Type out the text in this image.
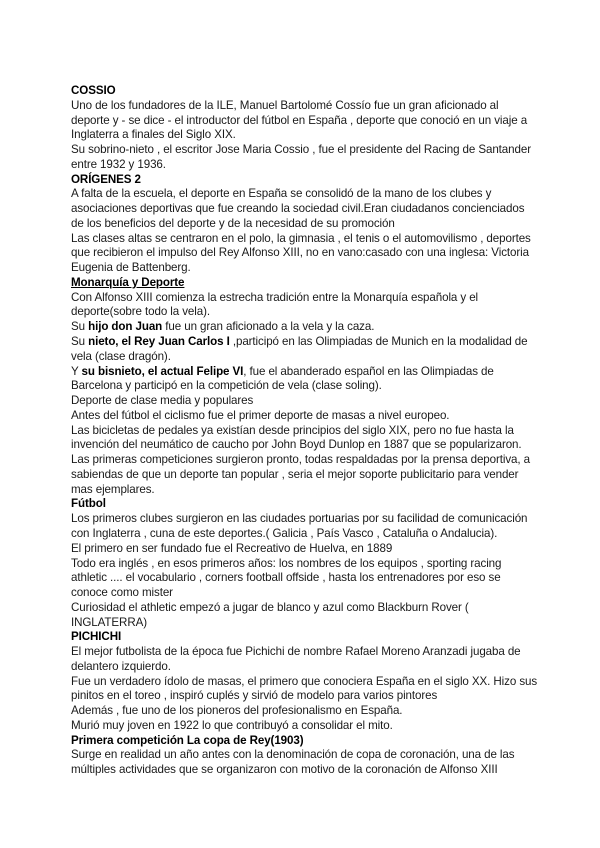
COSSIO
Uno de los fundadores de la ILE, Manuel Bartolomé Cossío fue un gran aficionado al
deporte y - se dice - el introductor del fútbol en España , deporte que conoció en un viaje a
Inglaterra a finales del Siglo XIX.
Su sobrino-nieto , el escritor Jose Maria Cossio , fue el presidente del Racing de Santander
entre 1932 y 1936.
ORÍGENES 2
A falta de la escuela, el deporte en España se consolidó de la mano de los clubes y
asociaciones deportivas que fue creando la sociedad civil.Eran ciudadanos concienciados
de los beneficios del deporte y de la necesidad de su promoción
Las clases altas se centraron en el polo, la gimnasia , el tenis o el automovilismo , deportes
que recibieron el impulso del Rey Alfonso XIII, no en vano:casado con una inglesa: Victoria
Eugenia de Battenberg.
Monarquía y Deporte
Con Alfonso XIII comienza la estrecha tradición entre la Monarquía española y el
deporte(sobre todo la vela).
Su hijo don Juan fue un gran aficionado a la vela y la caza.
Su nieto, el Rey Juan Carlos I ,participó en las Olimpiadas de Munich en la modalidad de
vela (clase dragón).
Y su bisnieto, el actual Felipe VI, fue el abanderado español en las Olimpiadas de
Barcelona y participó en la competición de vela (clase soling).
Deporte de clase media y populares
Antes del fútbol el ciclismo fue el primer deporte de masas a nivel europeo.
Las bicicletas de pedales ya existían desde principios del siglo XIX, pero no fue hasta la
invención del neumático de caucho por John Boyd Dunlop en 1887 que se popularizaron.
Las primeras competiciones surgieron pronto, todas respaldadas por la prensa deportiva, a
sabiendas de que un deporte tan popular , seria el mejor soporte publicitario para vender
mas ejemplares.
Fútbol
Los primeros clubes surgieron en las ciudades portuarias por su facilidad de comunicación
con Inglaterra , cuna de este deportes.( Galicia , País Vasco , Cataluña o Andalucia).
El primero en ser fundado fue el Recreativo de Huelva, en 1889
Todo era inglés , en esos primeros años: los nombres de los equipos , sporting racing
athletic .... el vocabulario , corners football offside , hasta los entrenadores por eso se
conoce como mister
Curiosidad el athletic empezó a jugar de blanco y azul como Blackburn Rover (
INGLATERRA)
PICHICHI
El mejor futbolista de la época fue Pichichi de nombre Rafael Moreno Aranzadi jugaba de
delantero izquierdo.
Fue un verdadero ídolo de masas, el primero que conociera España en el siglo XX. Hizo sus
pinitos en el toreo , inspiró cuplés y sirvió de modelo para varios pintores
Además , fue uno de los pioneros del profesionalismo en España.
Murió muy joven en 1922 lo que contribuyó a consolidar el mito.
Primera competición La copa de Rey(1903)
Surge en realidad un año antes con la denominación de copa de coronación, una de las
múltiples actividades que se organizaron con motivo de la coronación de Alfonso XIII
